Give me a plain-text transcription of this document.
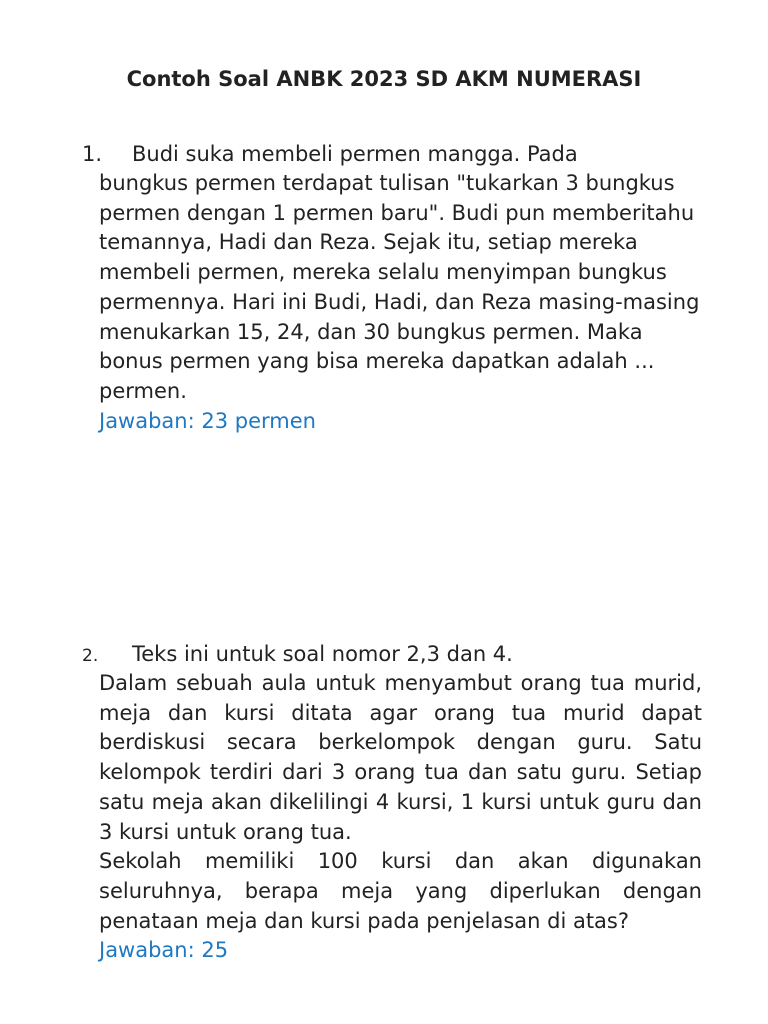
Contoh Soal ANBK 2023 SD AKM NUMERASI
1. Budi suka membeli permen mangga. Pada
bungkus permen terdapat tulisan "tukarkan 3 bungkus permen dengan 1 permen baru". Budi pun memberitahu temannya, Hadi dan Reza. Sejak itu, setiap mereka membeli permen, mereka selalu menyimpan bungkus permennya. Hari ini Budi, Hadi, dan Reza masing-masing menukarkan 15, 24, dan 30 bungkus permen. Maka bonus permen yang bisa mereka dapatkan adalah ... permen.
Jawaban: 23 permen
2. Teks ini untuk soal nomor 2,3 dan 4.
Dalam sebuah aula untuk menyambut orang tua murid, meja dan kursi ditata agar orang tua murid dapat berdiskusi secara berkelompok dengan guru. Satu kelompok terdiri dari 3 orang tua dan satu guru. Setiap satu meja akan dikelilingi 4 kursi, 1 kursi untuk guru dan 3 kursi untuk orang tua.
Sekolah memiliki 100 kursi dan akan digunakan seluruhnya, berapa meja yang diperlukan dengan penataan meja dan kursi pada penjelasan di atas?
Jawaban: 25
